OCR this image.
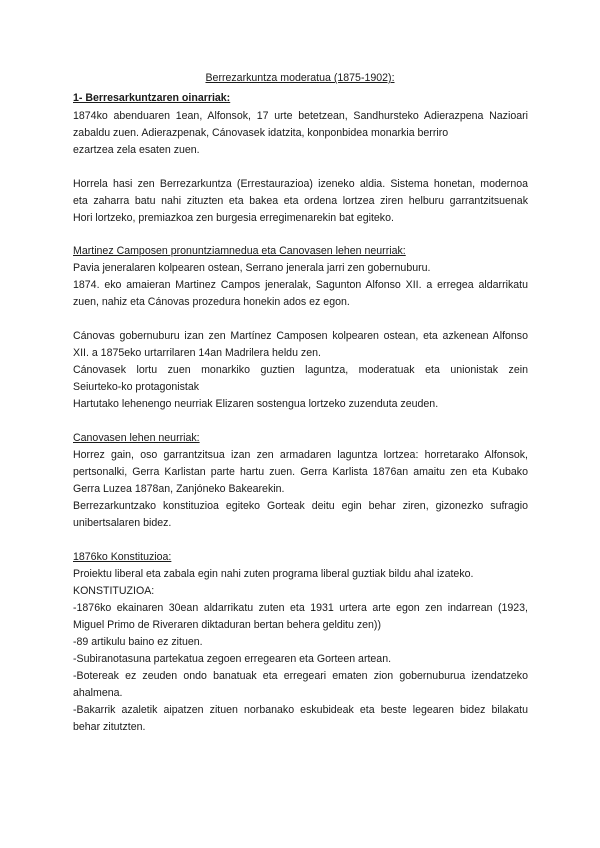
Berrezarkuntza moderatua (1875-1902):

1- Berresarkuntzaren oinarriak:

1874ko abenduaren 1ean, Alfonsok, 17 urte betetzean, Sandhursteko Adierazpena Nazioari

zabaldu zuen. Adierazpenak, Cánovasek idatzita, konponbidea monarkia berriro

ezartzea zela esaten zuen.

Horrela hasi zen Berrezarkuntza (Errestaurazioa) izeneko aldia. Sistema honetan, modernoa

eta zaharra batu nahi zituzten eta bakea eta ordena lortzea ziren helburu garrantzitsuenak

Hori lortzeko, premiazkoa zen burgesia erregimenarekin bat egiteko.

Martinez Camposen pronuntziamnedua eta Canovasen lehen neurriak:

Pavia jeneralaren kolpearen ostean, Serrano jenerala jarri zen gobernuburu.

1874. eko amaieran Martinez Campos jeneralak, Sagunton Alfonso XII. a erregea aldarrikatu

zuen, nahiz eta Cánovas prozedura honekin ados ez egon.

Cánovas gobernuburu izan zen Martínez Camposen kolpearen ostean, eta azkenean Alfonso

XII. a 1875eko urtarrilaren 14an Madrilera heldu zen.

Cánovasek lortu zuen monarkiko guztien laguntza, moderatuak eta unionistak zein

Seiurteko-ko protagonistak

Hartutako lehenengo neurriak Elizaren sostengua lortzeko zuzenduta zeuden.

Canovasen lehen neurriak:

Horrez gain, oso garrantzitsua izan zen armadaren laguntza lortzea: horretarako Alfonsok,

pertsonalki, Gerra Karlistan parte hartu zuen. Gerra Karlista 1876an amaitu zen eta Kubako

Gerra Luzea 1878an, Zanjóneko Bakearekin.

Berrezarkuntzako konstituzioa egiteko Gorteak deitu egin behar ziren, gizonezko sufragio

unibertsalaren bidez.

1876ko Konstituzioa:

Proiektu liberal eta zabala egin nahi zuten programa liberal guztiak bildu ahal izateko.

KONSTITUZIOA:

-1876ko ekainaren 30ean aldarrikatu zuten eta 1931 urtera arte egon zen indarrean (1923,

Miguel Primo de Riveraren diktaduran bertan behera gelditu zen))

-89 artikulu baino ez zituen.

-Subiranotasuna partekatua zegoen erregearen eta Gorteen artean.

-Botereak ez zeuden ondo banatuak eta erregeari ematen zion gobernuburua izendatzeko

ahalmena.

-Bakarrik azaletik aipatzen zituen norbanako eskubideak eta beste legearen bidez bilakatu

behar zitutzten.
